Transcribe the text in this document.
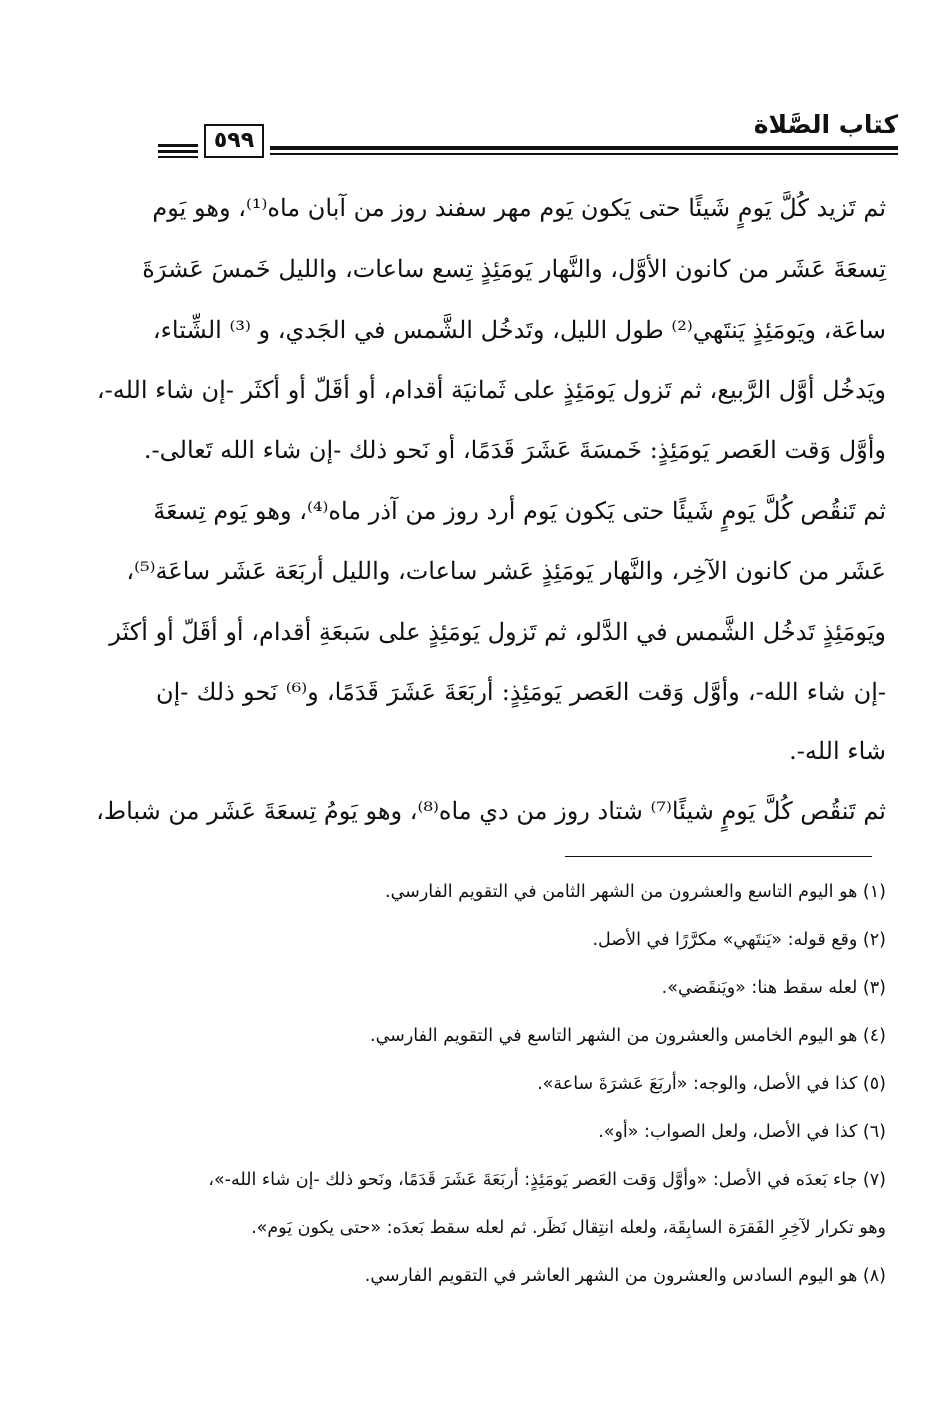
كتاب الصَّلاة
٥٩٩
ثم تَزيد كُلَّ يَومٍ شَيئًا حتى يَكون يَوم مهر سفند روز من آبان ماه⁽¹⁾، وهو يَوم
تِسعَةَ عَشَر من كانون الأوَّل، والنَّهار يَومَئِذٍ تِسع ساعات، والليل خَمسَ عَشرَةَ
ساعَة، ويَومَئِذٍ يَنتَهي⁽²⁾ طول الليل، وتَدخُل الشَّمس في الجَدي، و ⁽³⁾ الشِّتاء،
ويَدخُل أوَّل الرَّبيع، ثم تَزول يَومَئِذٍ على ثَمانيَة أقدام، أو أقَلّ أو أكثَر -إن شاء الله-،
وأوَّل وَقت العَصر يَومَئِذٍ: خَمسَةَ عَشَرَ قَدَمًا، أو نَحو ذلك -إن شاء الله تَعالى-.
ثم تَنقُص كُلَّ يَومٍ شَيئًا حتى يَكون يَوم أرد روز من آذر ماه⁽⁴⁾، وهو يَوم تِسعَةَ
عَشَر من كانون الآخِر، والنَّهار يَومَئِذٍ عَشر ساعات، والليل أربَعَة عَشَر ساعَة⁽⁵⁾،
ويَومَئِذٍ تَدخُل الشَّمس في الدَّلو، ثم تَزول يَومَئِذٍ على سَبعَةِ أقدام، أو أقَلّ أو أكثَر
-إن شاء الله-، وأوَّل وَقت العَصر يَومَئِذٍ: أربَعَةَ عَشَرَ قَدَمًا، و⁽⁶⁾ نَحو ذلك -إن
شاء الله-.
ثم تَنقُص كُلَّ يَومٍ شيئًا⁽⁷⁾ شتاد روز من دي ماه⁽⁸⁾، وهو يَومُ تِسعَةَ عَشَر من شباط،
(١) هو اليوم التاسع والعشرون من الشهر الثامن في التقويم الفارسي.
(٢) وقع قوله: «يَنتَهي» مكرَّرًا في الأصل.
(٣) لعله سقط هنا: «ويَنقَضي».
(٤) هو اليوم الخامس والعشرون من الشهر التاسع في التقويم الفارسي.
(٥) كذا في الأصل، والوجه: «أربَعَ عَشرَةَ ساعة».
(٦) كذا في الأصل، ولعل الصواب: «أو».
(٧) جاء بَعدَه في الأصل: «وأوَّل وَقت العَصر يَومَئِذٍ: أربَعَةَ عَشَرَ قَدَمًا، ونَحو ذلك -إن شاء الله-»،
وهو تكرار لآخِرِ الفَقرَة السابِقَة، ولعله انتِقال نَظَر. ثم لعله سقط بَعدَه: «حتى يكون يَوم».
(٨) هو اليوم السادس والعشرون من الشهر العاشر في التقويم الفارسي.
